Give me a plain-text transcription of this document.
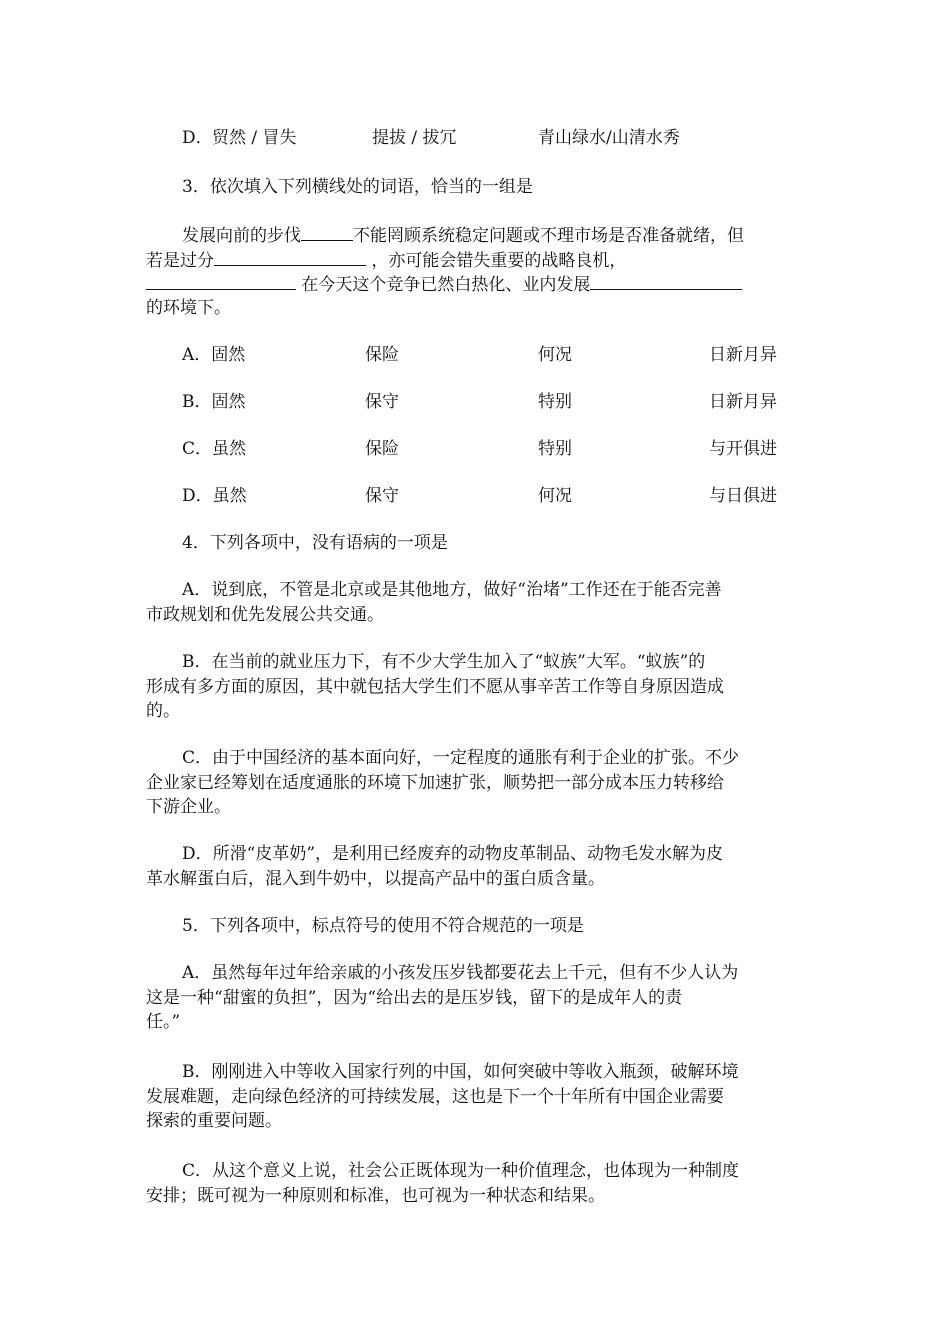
D． 贸然 / 冒失	提拔 / 拔冗	青山绿水/山清水秀
3．依次填入下列横线处的词语，恰当的一组是
发展向前的步伐	不能罔顾系统稳定问题或不理市场是否准备就绪，但
若是过分	，亦可能会错失重要的战略良机，
在今天这个竞争已然白热化、业内发展
的环境下。
A．固然	保险	何况	日新月异
B．固然	保守	特别	日新月异
C．虽然	保险	特别	与开俱进
D．虽然	保守	何况	与日俱进
4．下列各项中，没有语病的一项是
A．说到底，不管是北京或是其他地方，做好“治堵”工作还在于能否完善
市政规划和优先发展公共交通。
B．在当前的就业压力下，有不少大学生加入了“蚁族”大军。“蚁族”的
形成有多方面的原因，其中就包括大学生们不愿从事辛苦工作等自身原因造成
的。
C．由于中国经济的基本面向好，一定程度的通胀有利于企业的扩张。不少
企业家已经筹划在适度通胀的环境下加速扩张，顺势把一部分成本压力转移给
下游企业。
D．所滑“皮革奶”，是利用已经废弃的动物皮革制品、动物毛发水解为皮
革水解蛋白后，混入到牛奶中，以提高产品中的蛋白质含量。
5．下列各项中，标点符号的使用不符合规范的一项是
A．虽然每年过年给亲戚的小孩发压岁钱都要花去上千元，但有不少人认为
这是一种“甜蜜的负担”，因为“给出去的是压岁钱，留下的是成年人的责
任。”
B．刚刚进入中等收入国家行列的中国，如何突破中等收入瓶颈，破解环境
发展难题，走向绿色经济的可持续发展，这也是下一个十年所有中国企业需要
探索的重要问题。
C．从这个意义上说，社会公正既体现为一种价值理念，也体现为一种制度
安排；既可视为一种原则和标准，也可视为一种状态和结果。
